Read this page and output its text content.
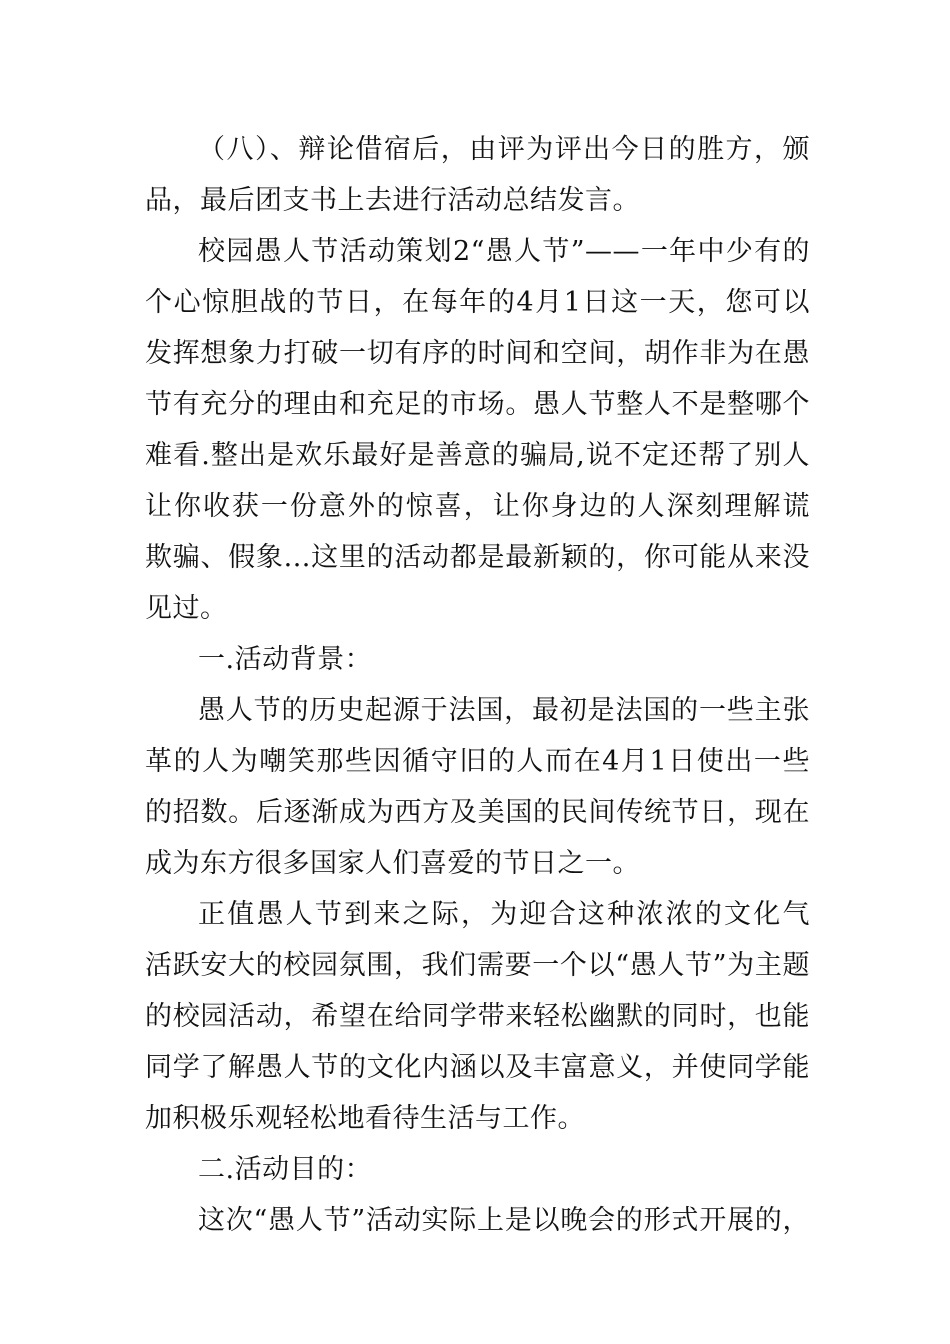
（八）、辩论借宿后，由评为评出今日的胜方，颁
品，最后团支书上去进行活动总结发言。
校园愚人节活动策划2“愚人节”——一年中少有的
个心惊胆战的节日，在每年的4月1日这一天，您可以
发挥想象力打破一切有序的时间和空间，胡作非为在愚
节有充分的理由和充足的市场。愚人节整人不是整哪个
难看.整出是欢乐最好是善意的骗局,说不定还帮了别人
让你收获一份意外的惊喜，让你身边的人深刻理解谎
欺骗、假象...这里的活动都是最新颖的，你可能从来没
见过。
一.活动背景：
愚人节的历史起源于法国，最初是法国的一些主张
革的人为嘲笑那些因循守旧的人而在4月1日使出一些
的招数。后逐渐成为西方及美国的民间传统节日，现在
成为东方很多国家人们喜爱的节日之一。
正值愚人节到来之际，为迎合这种浓浓的文化气
活跃安大的校园氛围，我们需要一个以“愚人节”为主题
的校园活动，希望在给同学带来轻松幽默的同时，也能
同学了解愚人节的文化内涵以及丰富意义，并使同学能
加积极乐观轻松地看待生活与工作。
二.活动目的：
这次“愚人节”活动实际上是以晚会的形式开展的，
